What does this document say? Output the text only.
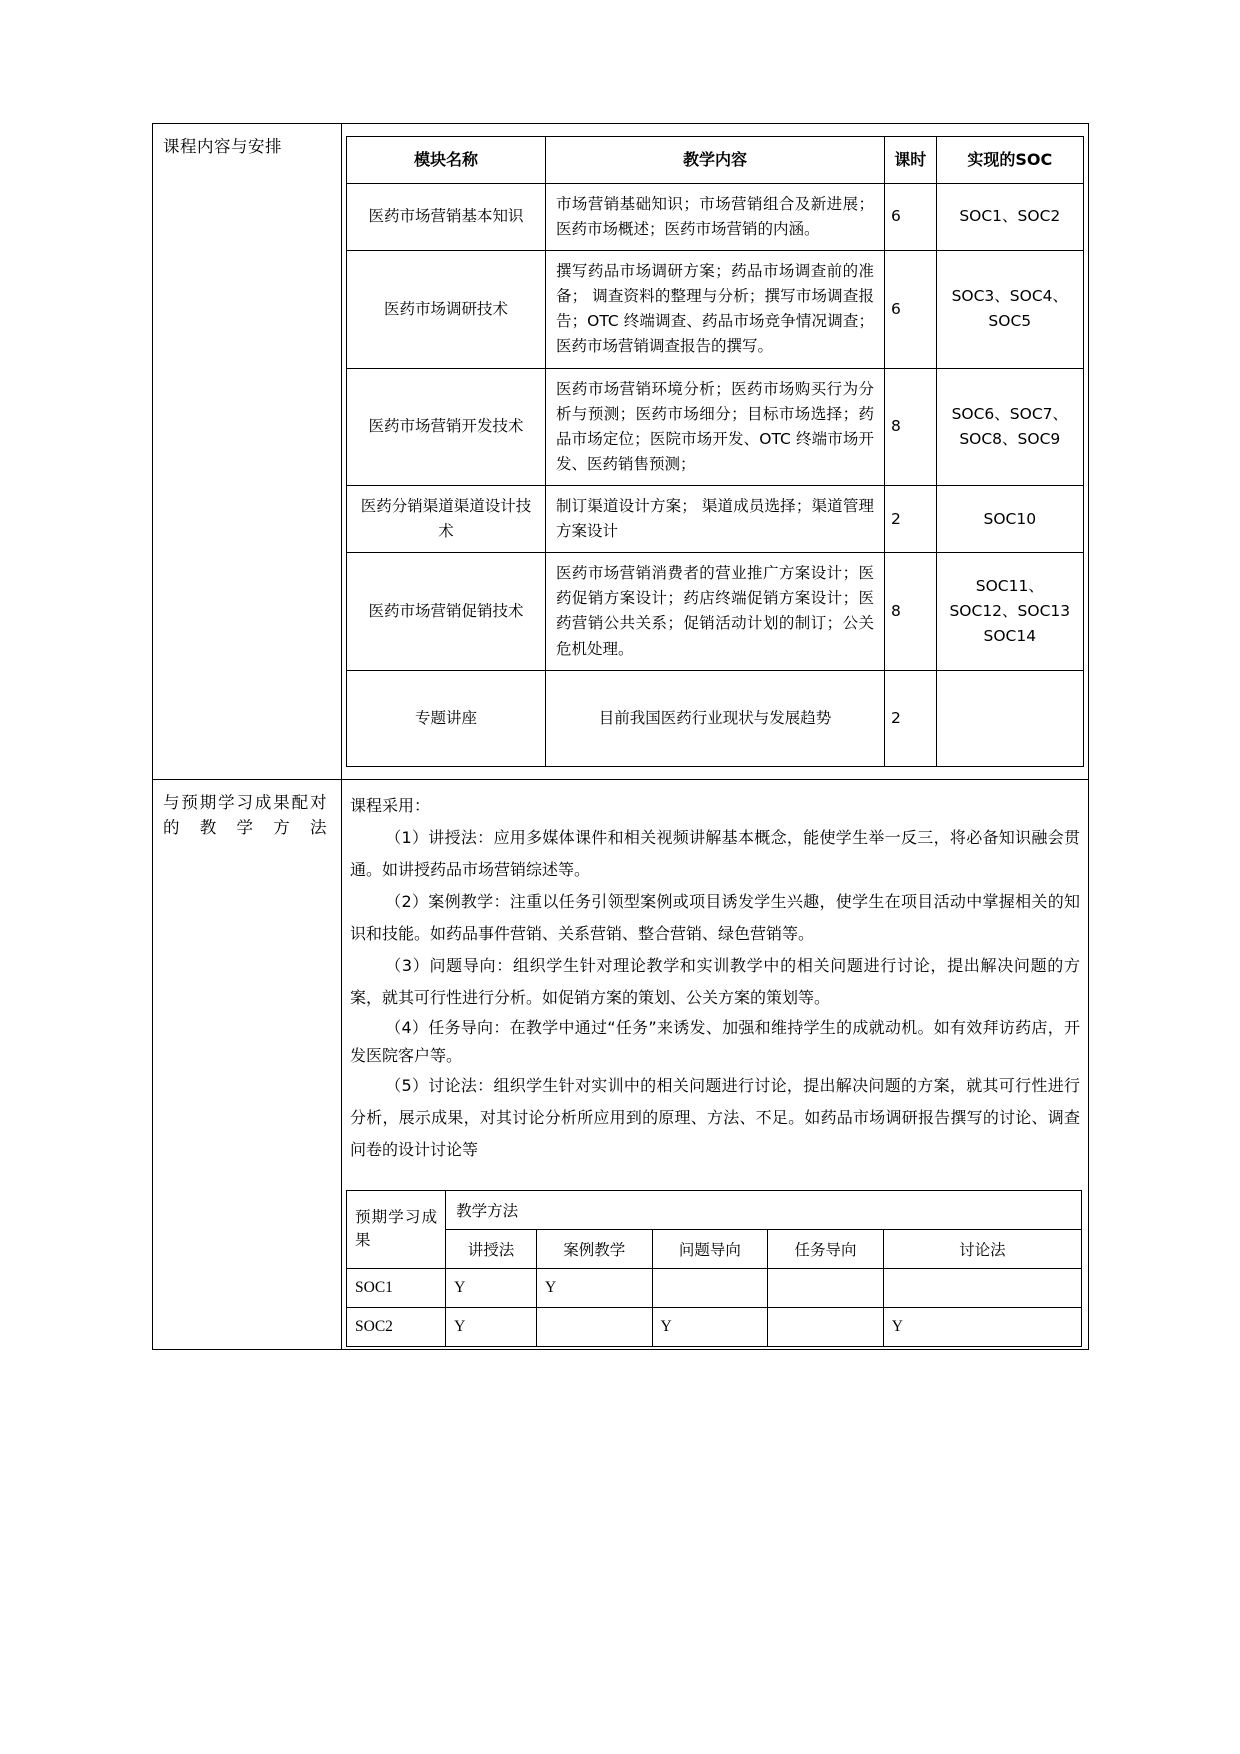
课程内容与安排	
模块名称	教学内容	课时	实现的SOC
医药市场营销基本知识	市场营销基础知识；市场营销组合及新进展；医药市场概述；医药市场营销的内涵。	6	SOC1、SOC2
医药市场调研技术	撰写药品市场调研方案；药品市场调查前的准备； 调查资料的整理与分析；撰写市场调查报告；OTC 终端调查、药品市场竞争情况调查；医药市场营销调查报告的撰写。	6	SOC3、SOC4、SOC5
医药市场营销开发技术	医药市场营销环境分析；医药市场购买行为分析与预测；医药市场细分；目标市场选择；药品市场定位；医院市场开发、OTC 终端市场开发、医药销售预测；	8	SOC6、SOC7、SOC8、SOC9
医药分销渠道渠道设计技术	制订渠道设计方案； 渠道成员选择；渠道管理方案设计	2	SOC10
医药市场营销促销技术	医药市场营销消费者的营业推广方案设计；医药促销方案设计；药店终端促销方案设计；医药营销公共关系；促销活动计划的制订；公关危机处理。	8	SOC11、SOC12、SOC13 SOC14
专题讲座	目前我国医药行业现状与发展趋势	2	

与预期学习成果配对的教学方法	

课程采用：

（1）讲授法：应用多媒体课件和相关视频讲解基本概念，能使学生举一反三，将必备知识融会贯通。如讲授药品市场营销综述等。

（2）案例教学：注重以任务引领型案例或项目诱发学生兴趣，使学生在项目活动中掌握相关的知识和技能。如药品事件营销、关系营销、整合营销、绿色营销等。

（3）问题导向：组织学生针对理论教学和实训教学中的相关问题进行讨论，提出解决问题的方案，就其可行性进行分析。如促销方案的策划、公关方案的策划等。

（4）任务导向：在教学中通过“任务”来诱发、加强和维持学生的成就动机。如有效拜访药店，开发医院客户等。

（5）讨论法：组织学生针对实训中的相关问题进行讨论，提出解决问题的方案，就其可行性进行分析，展示成果，对其讨论分析所应用到的原理、方法、不足。如药品市场调研报告撰写的讨论、调查问卷的设计讨论等

预期学习成果	教学方法
讲授法	案例教学	问题导向	任务导向	讨论法
SOC1	Y	Y			
SOC2	Y		Y		Y
